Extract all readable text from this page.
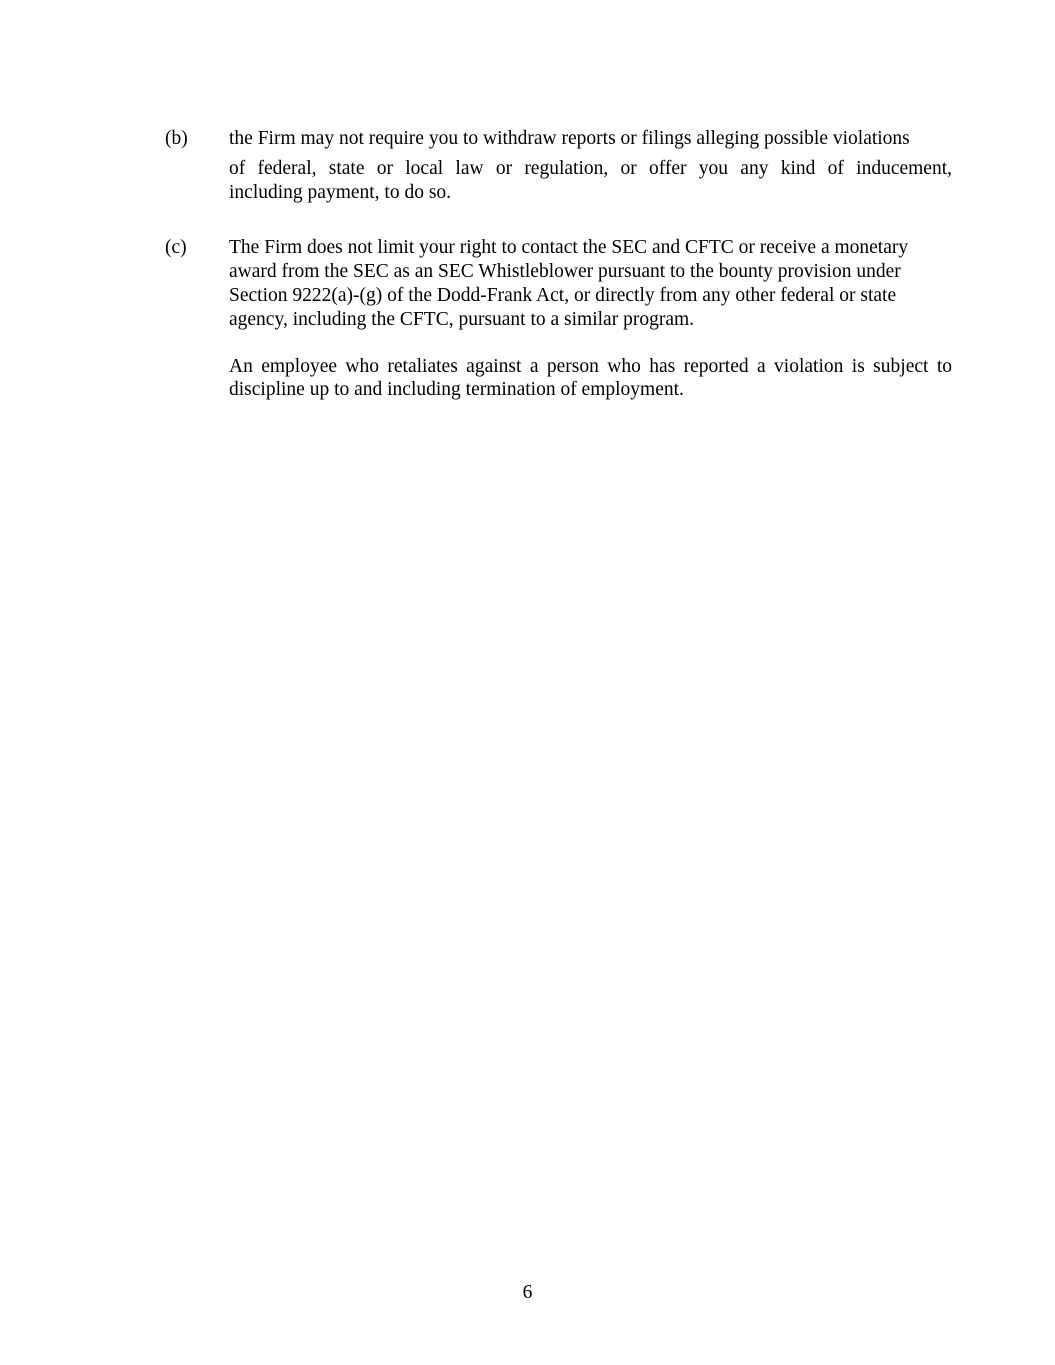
(b)	the Firm may not require you to withdraw reports or filings alleging possible violations
of federal, state or local law or regulation, or offer you any kind of inducement,
including payment, to do so.
(c)	The Firm does not limit your right to contact the SEC and CFTC or receive a monetary
award from the SEC as an SEC Whistleblower pursuant to the bounty provision under
Section 9222(a)-(g) of the Dodd-Frank Act, or directly from any other federal or state
agency, including the CFTC, pursuant to a similar program.
An employee who retaliates against a person who has reported a violation is subject to
discipline up to and including termination of employment.
6
